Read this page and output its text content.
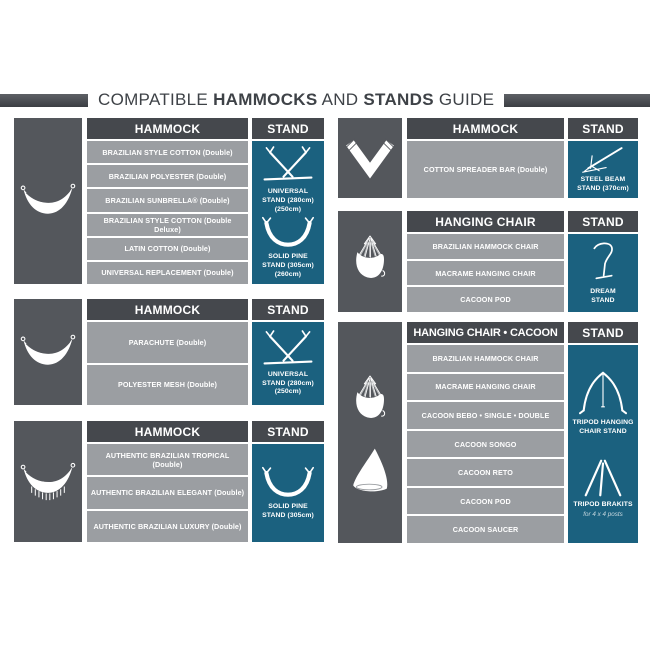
COMPATIBLE HAMMOCKS AND STANDS GUIDE
HAMMOCK
BRAZILIAN STYLE COTTON (Double)
BRAZILIAN POLYESTER (Double)
BRAZILIAN SUNBRELLA® (Double)
BRAZILIAN STYLE COTTON (Double Deluxe)
LATIN COTTON (Double)
UNIVERSAL REPLACEMENT (Double)
STAND
UNIVERSAL
STAND (280cm)
(250cm)
SOLID PINE
STAND (305cm)
(260cm)
HAMMOCK
PARACHUTE (Double)
POLYESTER MESH (Double)
STAND
UNIVERSAL
STAND (280cm)
(250cm)
HAMMOCK
AUTHENTIC BRAZILIAN TROPICAL (Double)
AUTHENTIC BRAZILIAN ELEGANT (Double)
AUTHENTIC BRAZILIAN LUXURY (Double)
STAND
SOLID PINE
STAND (305cm)
HAMMOCK
COTTON SPREADER BAR (Double)
STAND
STEEL BEAM
STAND (370cm)
HANGING CHAIR
BRAZILIAN HAMMOCK CHAIR
MACRAME HANGING CHAIR
CACOON POD
STAND
DREAM
STAND
HANGING CHAIR • CACOON
BRAZILIAN HAMMOCK CHAIR
MACRAME HANGING CHAIR
CACOON BEBO • SINGLE • DOUBLE
CACOON SONGO
CACOON RETO
CACOON POD
CACOON SAUCER
STAND
TRIPOD HANGING
CHAIR STAND
TRIPOD BRAKITS
for 4 x 4 posts
